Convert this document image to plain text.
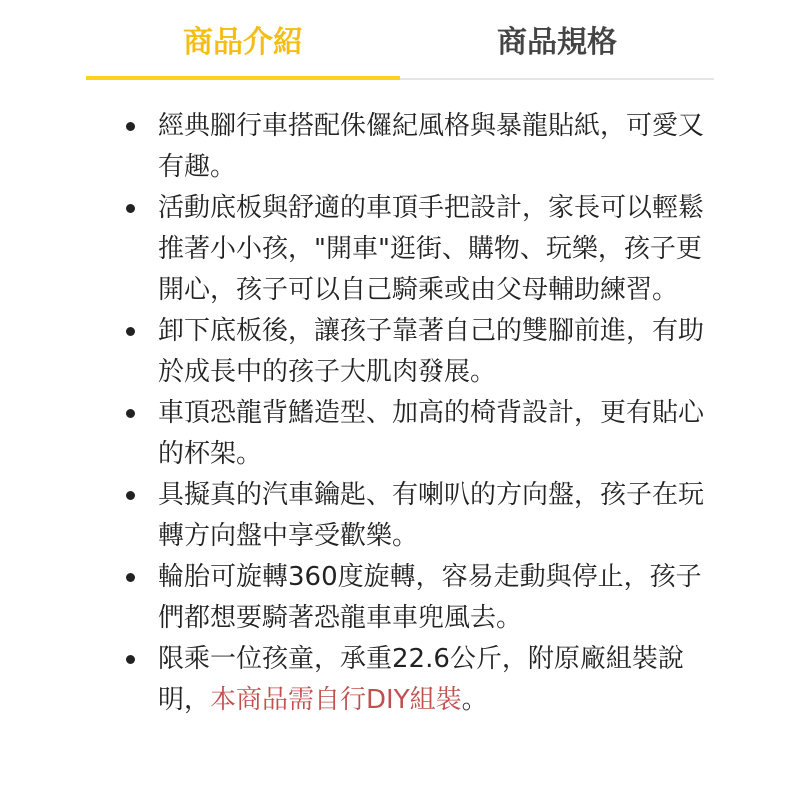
商品介紹	商品規格
經典腳行車搭配侏儸紀風格與暴龍貼紙，可愛又有趣。
活動底板與舒適的車頂手把設計，家長可以輕鬆推著小小孩，"開車"逛街、購物、玩樂，孩子更開心，孩子可以自己騎乘或由父母輔助練習。
卸下底板後，讓孩子靠著自己的雙腳前進，有助於成長中的孩子大肌肉發展。
車頂恐龍背鰭造型、加高的椅背設計，更有貼心的杯架。
具擬真的汽車鑰匙、有喇叭的方向盤，孩子在玩轉方向盤中享受歡樂。
輪胎可旋轉360度旋轉，容易走動與停止，孩子們都想要騎著恐龍車車兜風去。
限乘一位孩童，承重22.6公斤，附原廠組裝說明，本商品需自行DIY組裝。
